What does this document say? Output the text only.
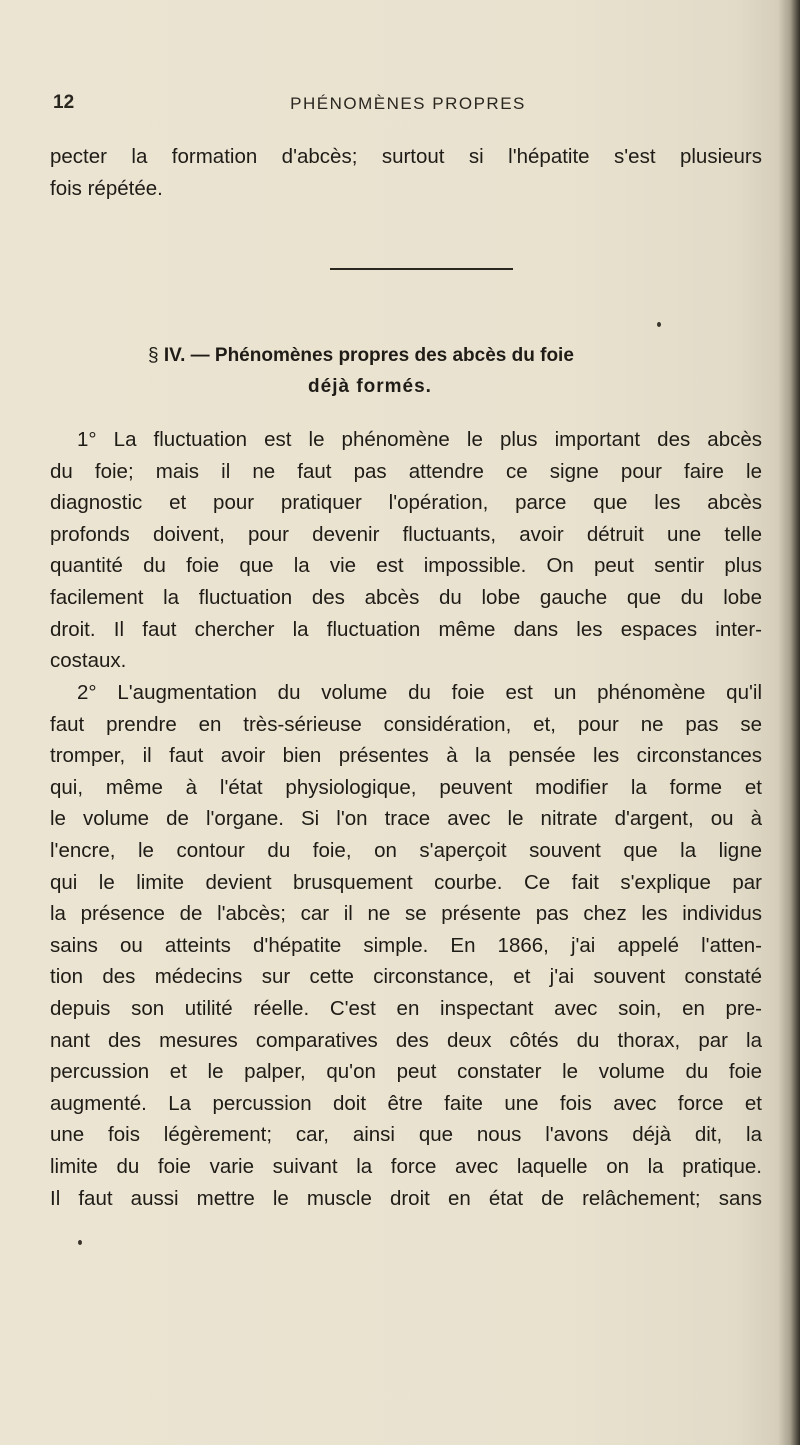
12	PHÉNOMÈNES PROPRES
pecter la formation d'abcès; surtout si l'hépatite s'est plusieurs
fois répétée.
§ IV. — Phénomènes propres des abcès du foie
déjà formés.
1° La fluctuation est le phénomène le plus important des abcès
du foie; mais il ne faut pas attendre ce signe pour faire le
diagnostic et pour pratiquer l'opération, parce que les abcès
profonds doivent, pour devenir fluctuants, avoir détruit une telle
quantité du foie que la vie est impossible. On peut sentir plus
facilement la fluctuation des abcès du lobe gauche que du lobe
droit. Il faut chercher la fluctuation même dans les espaces inter-
costaux.
2° L'augmentation du volume du foie est un phénomène qu'il
faut prendre en très-sérieuse considération, et, pour ne pas se
tromper, il faut avoir bien présentes à la pensée les circonstances
qui, même à l'état physiologique, peuvent modifier la forme et
le volume de l'organe. Si l'on trace avec le nitrate d'argent, ou à
l'encre, le contour du foie, on s'aperçoit souvent que la ligne
qui le limite devient brusquement courbe. Ce fait s'explique par
la présence de l'abcès; car il ne se présente pas chez les individus
sains ou atteints d'hépatite simple. En 1866, j'ai appelé l'atten-
tion des médecins sur cette circonstance, et j'ai souvent constaté
depuis son utilité réelle. C'est en inspectant avec soin, en pre-
nant des mesures comparatives des deux côtés du thorax, par la
percussion et le palper, qu'on peut constater le volume du foie
augmenté. La percussion doit être faite une fois avec force et
une fois légèrement; car, ainsi que nous l'avons déjà dit, la
limite du foie varie suivant la force avec laquelle on la pratique.
Il faut aussi mettre le muscle droit en état de relâchement; sans
